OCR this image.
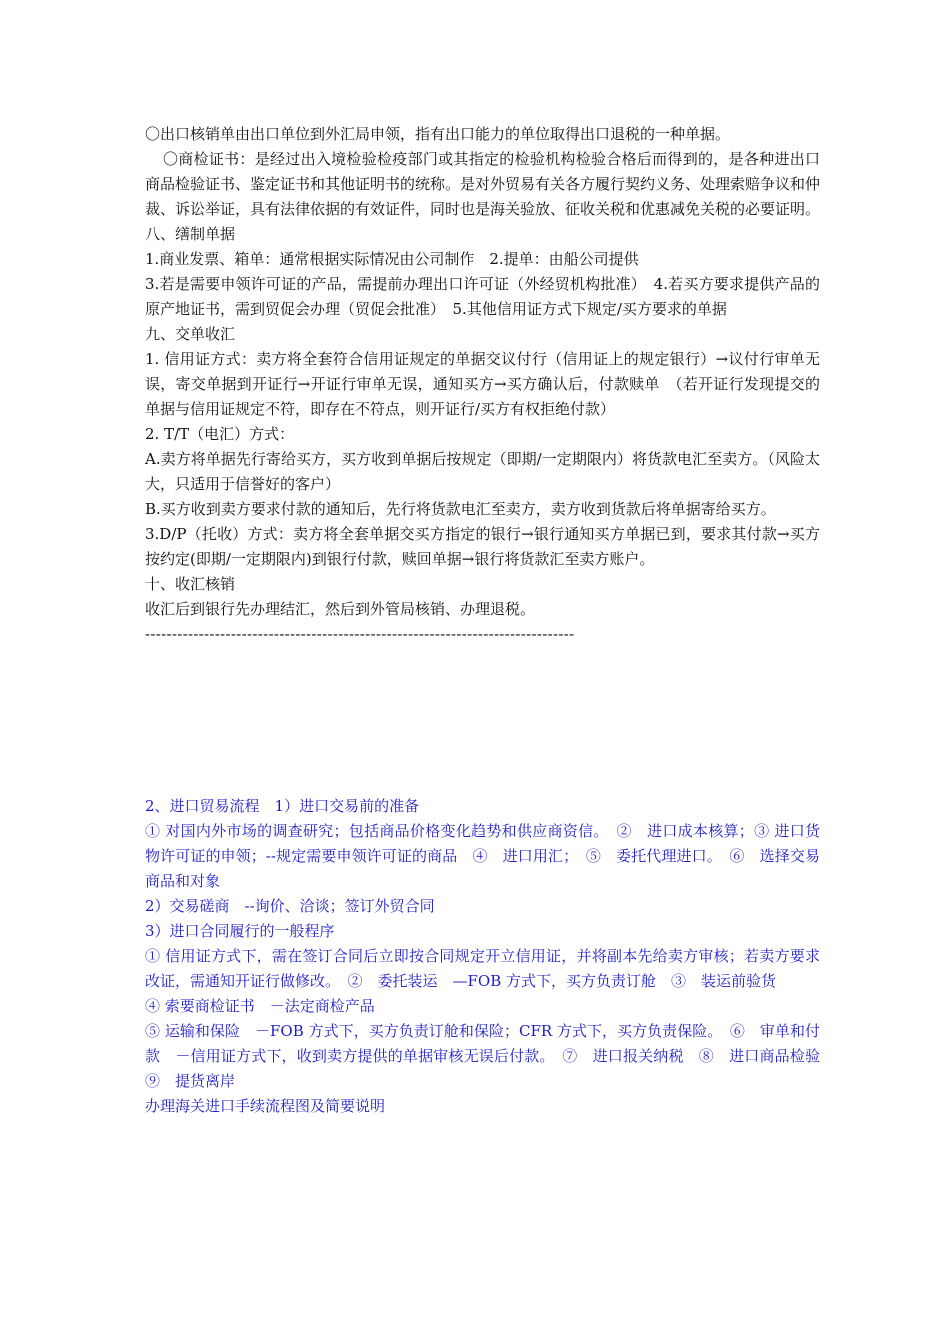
〇出口核销单由出口单位到外汇局申领，指有出口能力的单位取得出口退税的一种单据。

〇商检证书：是经过出入境检验检疫部门或其指定的检验机构检验合格后而得到的，是各种进出口商品检验证书、鉴定证书和其他证明书的统称。是对外贸易有关各方履行契约义务、处理索赔争议和仲裁、诉讼举证，具有法律依据的有效证件，同时也是海关验放、征收关税和优惠减免关税的必要证明。

八、缮制单据

1.商业发票、箱单：通常根据实际情况由公司制作　2.提单：由船公司提供

3.若是需要申领许可证的产品，需提前办理出口许可证（外经贸机构批准）　4.若买方要求提供产品的原产地证书，需到贸促会办理（贸促会批准）　5.其他信用证方式下规定/买方要求的单据

九、交单收汇

1. 信用证方式：卖方将全套符合信用证规定的单据交议付行（信用证上的规定银行）→议付行审单无误，寄交单据到开证行→开证行审单无误，通知买方→买方确认后，付款赎单　（若开证行发现提交的单据与信用证规定不符，即存在不符点，则开证行/买方有权拒绝付款）

2. T/T（电汇）方式：

A.卖方将单据先行寄给买方，买方收到单据后按规定（即期/一定期限内）将货款电汇至卖方。（风险太大，只适用于信誉好的客户）

B.买方收到卖方要求付款的通知后，先行将货款电汇至卖方，卖方收到货款后将单据寄给买方。

3.D/P（托收）方式：卖方将全套单据交买方指定的银行→银行通知买方单据已到，要求其付款→买方按约定(即期/一定期限内)到银行付款，赎回单据→银行将货款汇至卖方账户。

十、收汇核销

收汇后到银行先办理结汇，然后到外管局核销、办理退税。

--------------------------------------------------------------------------------

2、进口贸易流程　1）进口交易前的准备

① 对国内外市场的调查研究；包括商品价格变化趋势和供应商资信。　②　进口成本核算；③ 进口货物许可证的申领；--规定需要申领许可证的商品　④　进口用汇；　⑤　委托代理进口。　⑥　选择交易商品和对象

2）交易磋商　--询价、洽谈；签订外贸合同

3）进口合同履行的一般程序

① 信用证方式下，需在签订合同后立即按合同规定开立信用证，并将副本先给卖方审核；若卖方要求改证，需通知开证行做修改。　②　委托装运　—FOB 方式下，买方负责订舱　③　装运前验货

④ 索要商检证书　－法定商检产品

⑤ 运输和保险　－FOB 方式下，买方负责订舱和保险；CFR 方式下，买方负责保险。　⑥　审单和付款　－信用证方式下，收到卖方提供的单据审核无误后付款。　⑦　进口报关纳税　⑧　进口商品检验　⑨　提货离岸

办理海关进口手续流程图及简要说明
